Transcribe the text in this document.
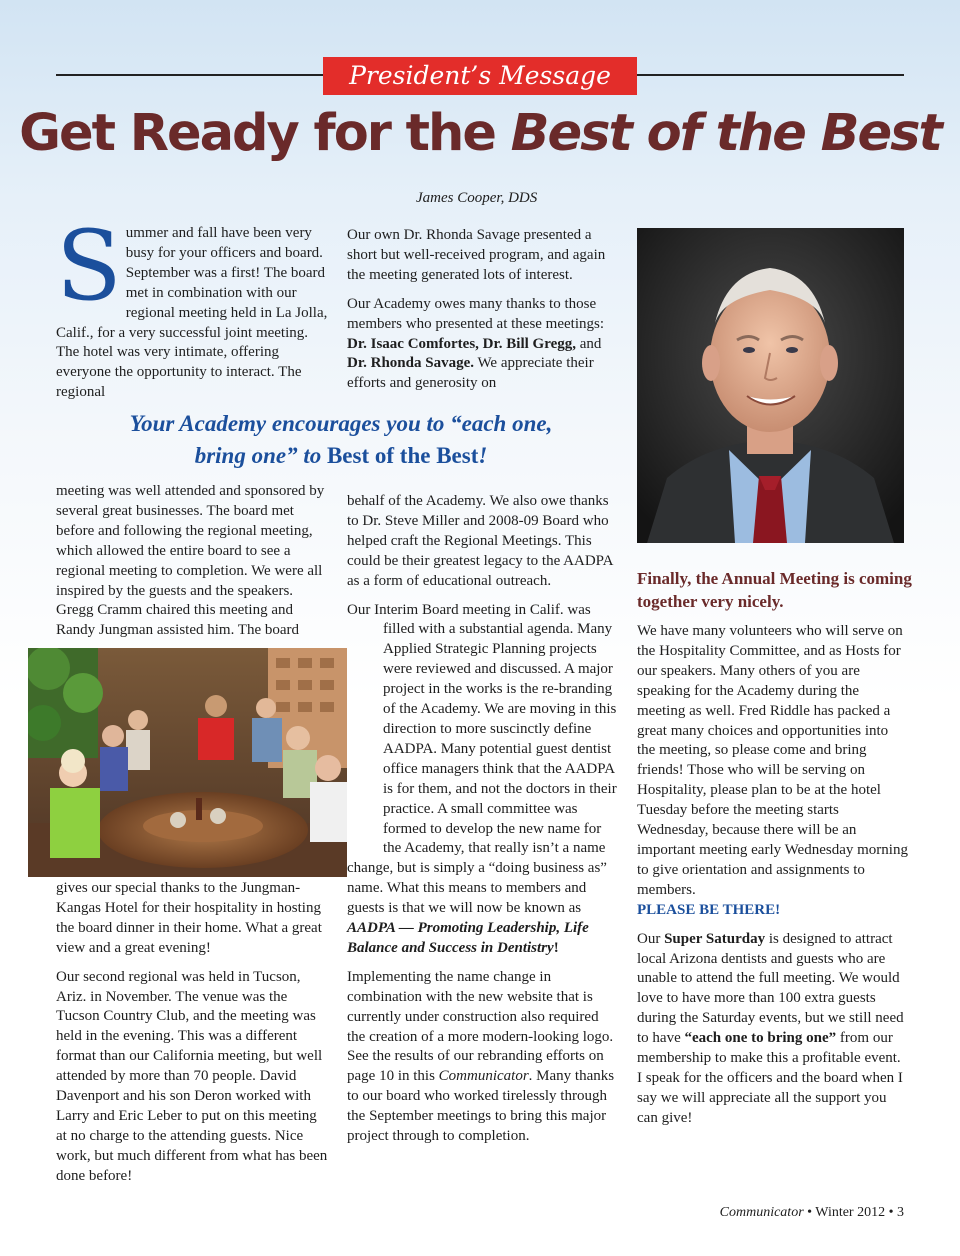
President’s Message
Get Ready for the Best of the Best
James Cooper, DDS
Summer and fall have been very busy for your officers and board. September was a first! The board met in combination with our regional meeting held in La Jolla, Calif., for a very successful joint meeting. The hotel was very intimate, offering everyone the opportunity to interact. The regional

Our own Dr. Rhonda Savage presented a short but well-received program, and again the meeting generated lots of interest.

Our Academy owes many thanks to those members who presented at these meetings: Dr. Isaac Comfortes, Dr. Bill Gregg, and Dr. Rhonda Savage. We appreciate their efforts and generosity on

Your Academy encourages you to “each one,
bring one” to Best of the Best!
meeting was well attended and sponsored by several great businesses. The board met before and following the regional meeting, which allowed the entire board to see a regional meeting to completion. We were all inspired by the guests and the speakers. Gregg Cramm chaired this meeting and Randy Jungman assisted him. The board

gives our special thanks to the Jungman-Kangas Hotel for their hospitality in hosting the board dinner in their home. What a great view and a great evening!

Our second regional was held in Tucson, Ariz. in November. The venue was the Tucson Country Club, and the meeting was held in the evening. This was a different format than our California meeting, but well attended by more than 70 people. David Davenport and his son Deron worked with Larry and Eric Leber to put on this meeting at no charge to the attending guests. Nice work, but much different from what has been done before!

behalf of the Academy. We also owe thanks to Dr. Steve Miller and 2008-09 Board who helped craft the Regional Meetings. This could be their greatest legacy to the AADPA as a form of educational outreach.

Our Interim Board meeting in Calif. was
filled with a substantial agenda. Many Applied Strategic Planning projects were reviewed and discussed. A major project in the works is the re-branding of the Academy. We are moving in this direction to more suscinctly define AADPA. Many potential guest dentist office managers think that the AADPA is for them, and not the doctors in their practice. A small committee was formed to develop the new name for the Academy, that really isn’t a name

change, but is simply a “doing business as” name. What this means to members and guests is that we will now be known as AADPA — Promoting Leadership, Life Balance and Success in Dentistry!

Implementing the name change in combination with the new website that is currently under construction also required the creation of a more modern-looking logo. See the results of our rebranding efforts on page 10 in this Communicator. Many thanks to our board who worked tirelessly through the September meetings to bring this major project through to completion.

Finally, the Annual Meeting is coming together very nicely.
We have many volunteers who will serve on the Hospitality Committee, and as Hosts for our speakers. Many others of you are speaking for the Academy during the meeting as well. Fred Riddle has packed a great many choices and opportunities into the meeting, so please come and bring friends! Those who will be serving on Hospitality, please plan to be at the hotel Tuesday before the meeting starts Wednesday, because there will be an important meeting early Wednesday morning to give orientation and assignments to members.

PLEASE BE THERE!

Our Super Saturday is designed to attract local Arizona dentists and guests who are unable to attend the full meeting. We would love to have more than 100 extra guests during the Saturday events, but we still need to have “each one to bring one” from our membership to make this a profitable event. I speak for the officers and the board when I say we will appreciate all the support you can give!

Communicator • Winter 2012 • 3
